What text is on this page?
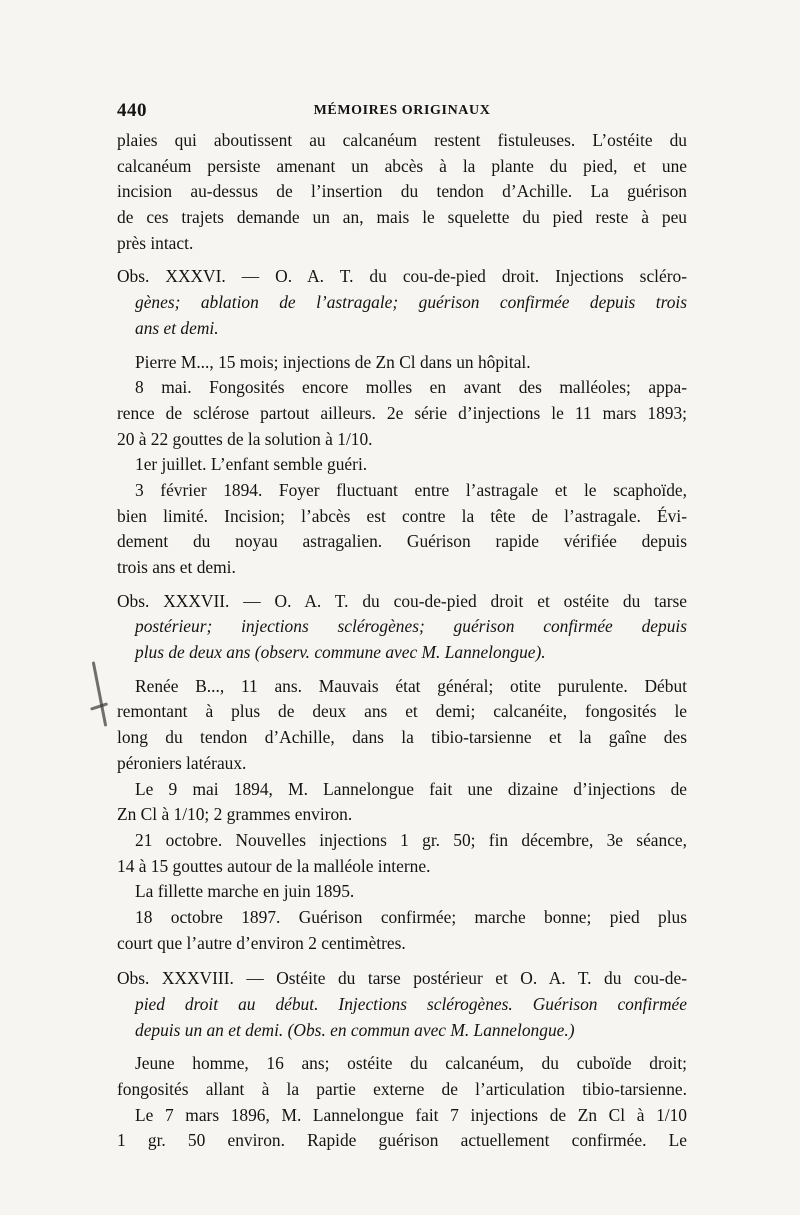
440	MÉMOIRES ORIGINAUX
plaies qui aboutissent au calcanéum restent fistuleuses. L’ostéite du
calcanéum persiste amenant un abcès à la plante du pied, et une
incision au-dessus de l’insertion du tendon d’Achille. La guérison
de ces trajets demande un an, mais le squelette du pied reste à peu
près intact.
Obs. XXXVI. — O. A. T. du cou-de-pied droit. Injections scléro-
gènes; ablation de l’astragale; guérison confirmée depuis trois
ans et demi.
Pierre M..., 15 mois; injections de Zn Cl dans un hôpital.
8 mai. Fongosités encore molles en avant des malléoles; appa-
rence de sclérose partout ailleurs. 2e série d’injections le 11 mars 1893;
20 à 22 gouttes de la solution à 1/10.
1er juillet. L’enfant semble guéri.
3 février 1894. Foyer fluctuant entre l’astragale et le scaphoïde,
bien limité. Incision; l’abcès est contre la tête de l’astragale. Évi-
dement du noyau astragalien. Guérison rapide vérifiée depuis
trois ans et demi.
Obs. XXXVII. — O. A. T. du cou-de-pied droit et ostéite du tarse
postérieur; injections sclérogènes; guérison confirmée depuis
plus de deux ans (observ. commune avec M. Lannelongue).
Renée B..., 11 ans. Mauvais état général; otite purulente. Début
remontant à plus de deux ans et demi; calcanéite, fongosités le
long du tendon d’Achille, dans la tibio-tarsienne et la gaîne des
péroniers latéraux.
Le 9 mai 1894, M. Lannelongue fait une dizaine d’injections de
Zn Cl à 1/10; 2 grammes environ.
21 octobre. Nouvelles injections 1 gr. 50; fin décembre, 3e séance,
14 à 15 gouttes autour de la malléole interne.
La fillette marche en juin 1895.
18 octobre 1897. Guérison confirmée; marche bonne; pied plus
court que l’autre d’environ 2 centimètres.
Obs. XXXVIII. — Ostéite du tarse postérieur et O. A. T. du cou-de-
pied droit au début. Injections sclérogènes. Guérison confirmée
depuis un an et demi. (Obs. en commun avec M. Lannelongue.)
Jeune homme, 16 ans; ostéite du calcanéum, du cuboïde droit;
fongosités allant à la partie externe de l’articulation tibio-tarsienne.
Le 7 mars 1896, M. Lannelongue fait 7 injections de Zn Cl à 1/10
1 gr. 50 environ. Rapide guérison actuellement confirmée. Le
